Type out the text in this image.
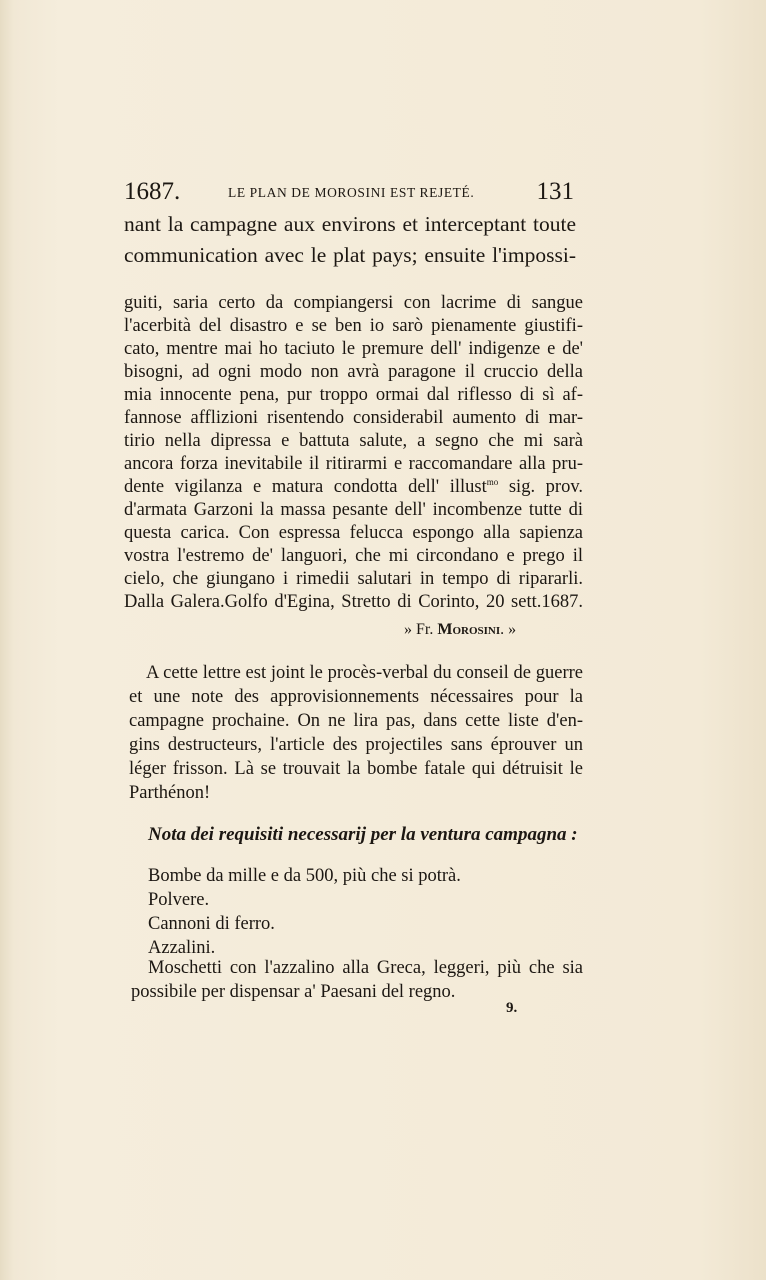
1687.	LE PLAN DE MOROSINI EST REJETÉ. 131
nant la campagne aux environs et interceptant toute
communication avec le plat pays; ensuite l'impossi-
guiti, saria certo da compiangersi con lacrime di sangue
l'acerbità del disastro e se ben io sarò pienamente giustifi-
cato, mentre mai ho taciuto le premure dell' indigenze e de'
bisogni, ad ogni modo non avrà paragone il cruccio della
mia innocente pena, pur troppo ormai dal riflesso di sì af-
fannose afflizioni risentendo considerabil aumento di mar-
tirio nella dipressa e battuta salute, a segno che mi sarà
ancora forza inevitabile il ritirarmi e raccomandare alla pru-
dente vigilanza e matura condotta dell' illust$^{mo}$ sig. prov.
d'armata Garzoni la massa pesante dell' incombenze tutte di
questa carica. Con espressa felucca espongo alla sapienza
vostra l'estremo de' languori, che mi circondano e prego il
cielo, che giungano i rimedii salutari in tempo di ripararli.
Dalla Galera.Golfo d'Egina, Stretto di Corinto, 20 sett.1687.
» Fr. Morosini. »
A cette lettre est joint le procès-verbal du conseil de guerre
et une note des approvisionnements nécessaires pour la
campagne prochaine. On ne lira pas, dans cette liste d'en-
gins destructeurs, l'article des projectiles sans éprouver un
léger frisson. Là se trouvait la bombe fatale qui détruisit le
Parthénon!
Nota dei requisiti necessarij per la ventura campagna :
Bombe da mille e da 500, più che si potrà.
Polvere.
Cannoni di ferro.
Azzalini.
Moschetti con l'azzalino alla Greca, leggeri, più che sia
possibile per dispensar a' Paesani del regno.
9.
